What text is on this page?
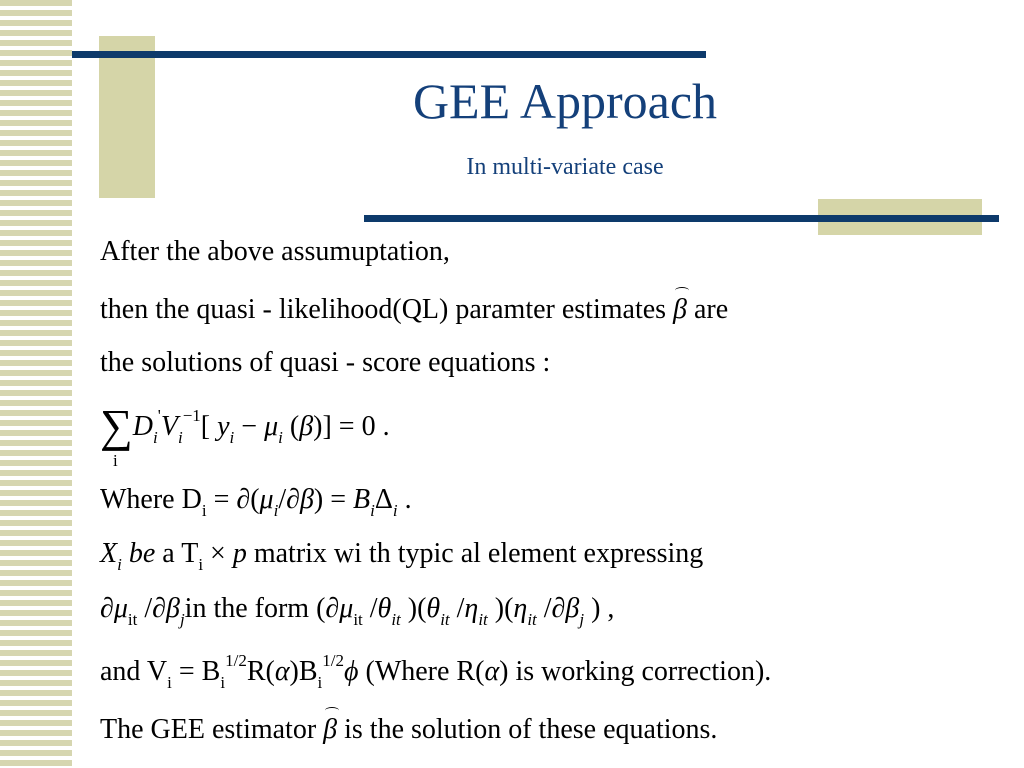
GEE Approach
In multi-variate case
After the above assumuptation,
then the quasi - likelihood(QL) paramter estimates β are
the solutions of quasi - score equations :
$\sum D_i'V_i^{-1}$[ $y_i - \mu_i$ (β)] = 0 .
i
Where $D_i = \partial(\mu_i/\partial\beta) = B_i\Delta_i$ .
$X_i$ be a $T_i \times p$ matrix wi th typic al element expressing
$\partial\mu_{it}$ $/\partial\beta_jin$ the form ($\partial\mu_{it}$ $/\theta_{it}$ )($\theta_{it}$ $/\eta_{it}$ )($\eta_{it}$ $/\partial\beta_j$ ) ,
and $V_i = B_i^{1/2}R(\alpha)B_i^{1/2}\phi$ (Where R(α) is working correction).
The GEE estimator β is the solution of these equations.
